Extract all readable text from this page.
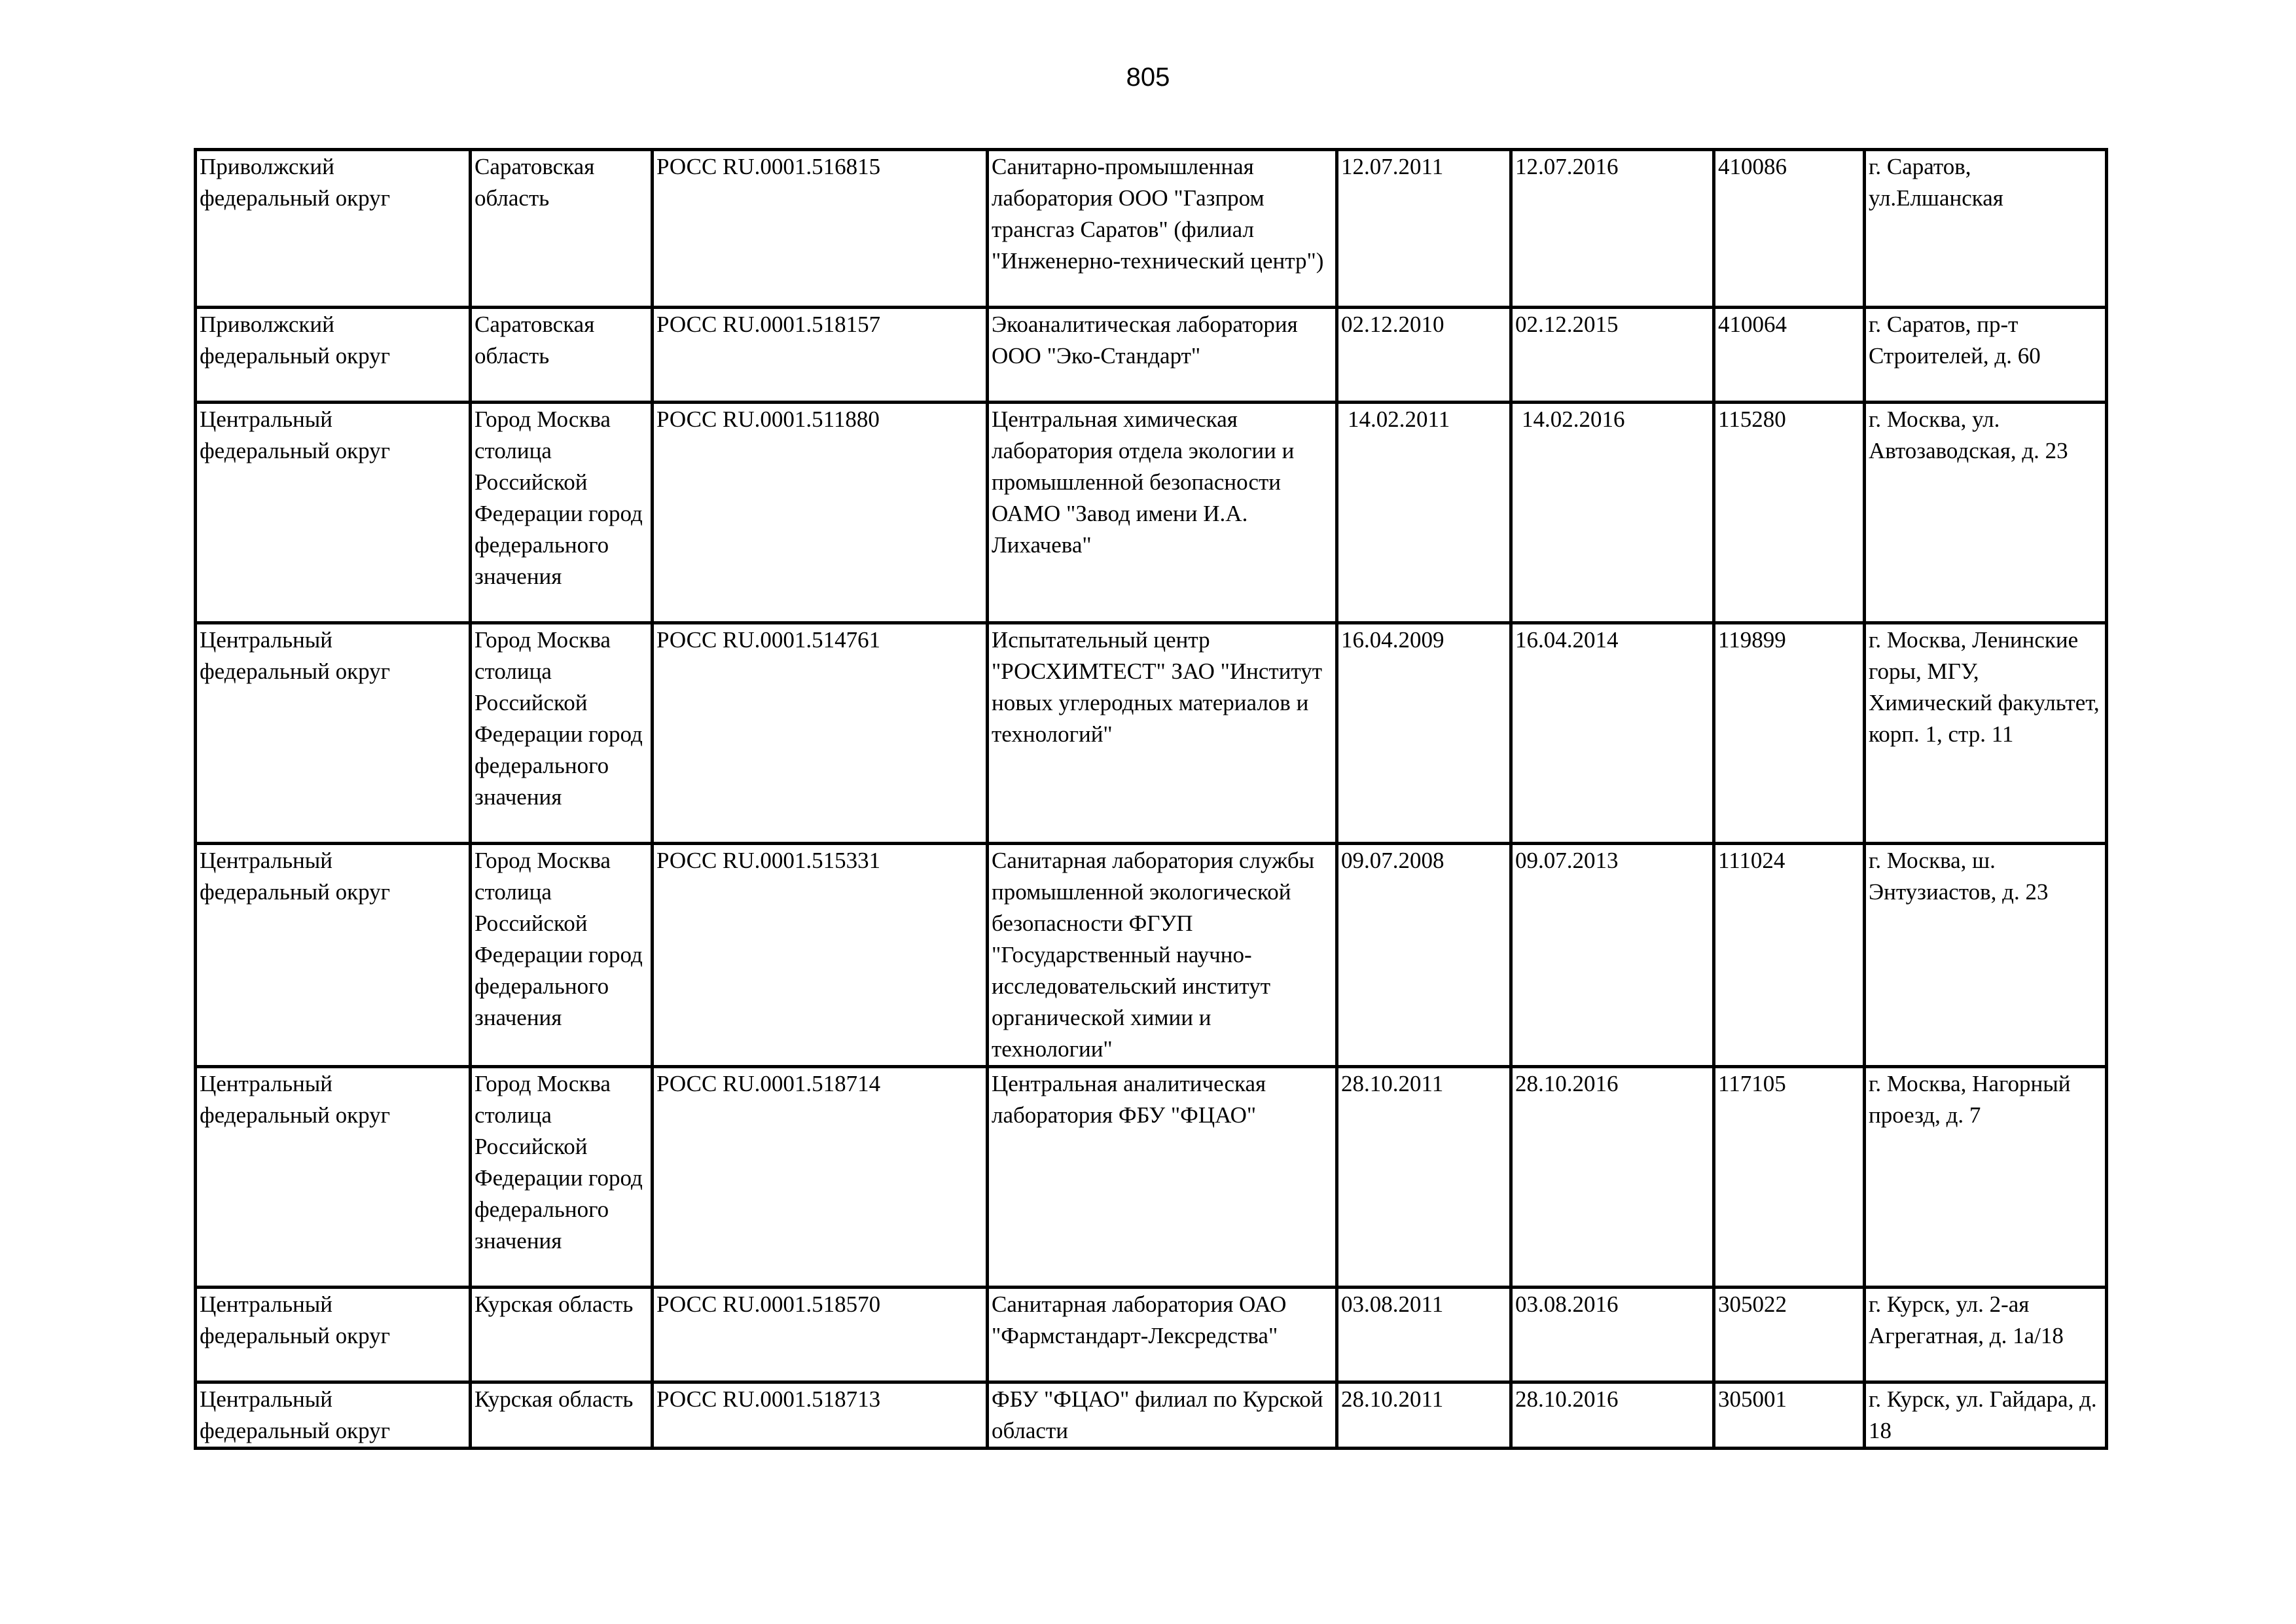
805
Приволжский федеральный округ	Саратовская область	РОСС RU.0001.516815	Санитарно-промышленная лаборатория ООО "Газпром трансгаз Саратов" (филиал "Инженерно-технический центр")	12.07.2011	12.07.2016	410086	г. Саратов, ул.Елшанская
Приволжский федеральный округ	Саратовская область	РОСС RU.0001.518157	Экоаналитическая лаборатория ООО "Эко-Стандарт"	02.12.2010	02.12.2015	410064	г. Саратов, пр-т Строителей, д. 60
Центральный федеральный округ	Город Москва столица Российской Федерации город федерального значения	РОСС RU.0001.511880	Центральная химическая лаборатория отдела экологии и промышленной безопасности ОАМО "Завод имени И.А. Лихачева"	14.02.2011	14.02.2016	115280	г. Москва, ул. Автозаводская, д. 23
Центральный федеральный округ	Город Москва столица Российской Федерации город федерального значения	РОСС RU.0001.514761	Испытательный центр "РОСХИМТЕСТ" ЗАО "Институт новых углеродных материалов и технологий"	16.04.2009	16.04.2014	119899	г. Москва, Ленинские горы, МГУ, Химический факультет, корп. 1, стр. 11
Центральный федеральный округ	Город Москва столица Российской Федерации город федерального значения	РОСС RU.0001.515331	Санитарная лаборатория службы промышленной экологической безопасности ФГУП "Государственный научно-исследовательский институт органической химии и технологии"	09.07.2008	09.07.2013	111024	г. Москва, ш. Энтузиастов, д. 23
Центральный федеральный округ	Город Москва столица Российской Федерации город федерального значения	РОСС RU.0001.518714	Центральная аналитическая лаборатория ФБУ "ФЦАО"	28.10.2011	28.10.2016	117105	г. Москва, Нагорный проезд, д. 7
Центральный федеральный округ	Курская область	РОСС RU.0001.518570	Санитарная лаборатория ОАО "Фармстандарт-Лексредства"	03.08.2011	03.08.2016	305022	г. Курск, ул. 2-ая Агрегатная, д. 1а/18
Центральный федеральный округ	Курская область	РОСС RU.0001.518713	ФБУ "ФЦАО" филиал по Курской области	28.10.2011	28.10.2016	305001	г. Курск, ул. Гайдара, д. 18
